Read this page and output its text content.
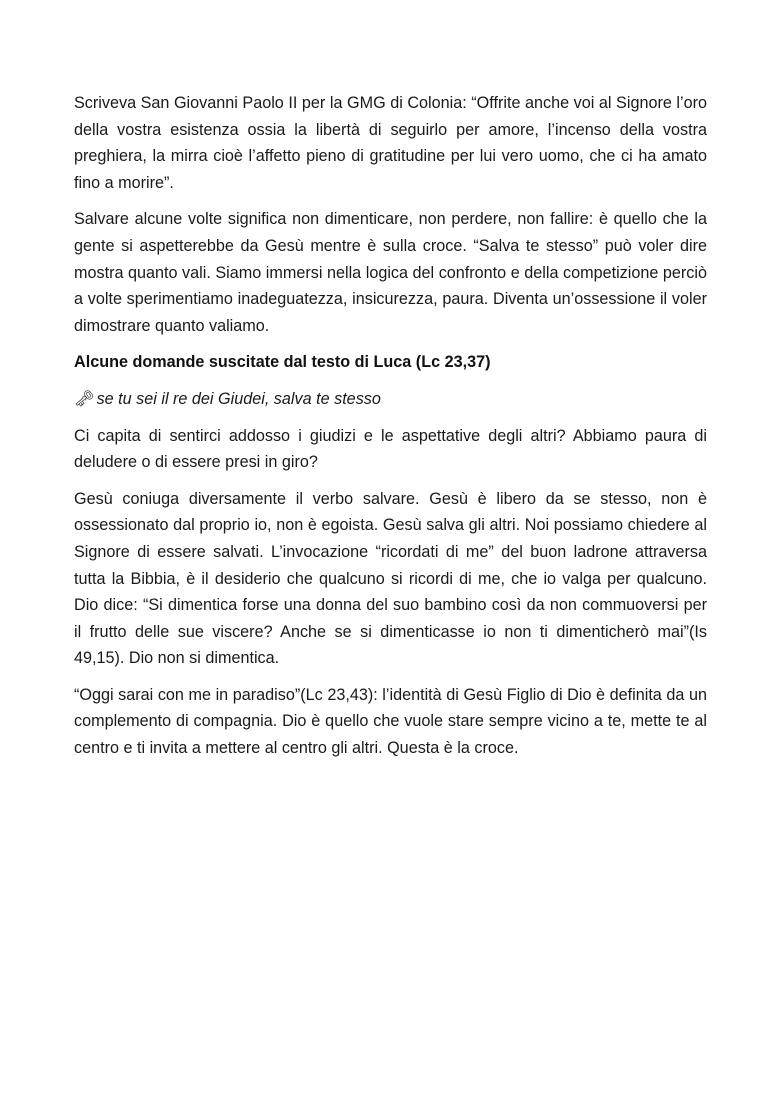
Scriveva San Giovanni Paolo II per la GMG di Colonia: “Offrite anche voi al Signore l’oro della vostra esistenza ossia la libertà di seguirlo per amore, l’incenso della vostra preghiera, la mirra cioè l’affetto pieno di gratitudine per lui vero uomo, che ci ha amato fino a morire”.

Salvare alcune volte significa non dimenticare, non perdere, non fallire: è quello che la gente si aspetterebbe da Gesù mentre è sulla croce. “Salva te stesso” può voler dire mostra quanto vali. Siamo immersi nella logica del confronto e della competizione perciò a volte sperimentiamo inadeguatezza, insicurezza, paura. Diventa un’ossessione il voler dimostrare quanto valiamo.

Alcune domande suscitate dal testo di Luca (Lc 23,37)

🗝 se tu sei il re dei Giudei, salva te stesso

Ci capita di sentirci addosso i giudizi e le aspettative degli altri? Abbiamo paura di deludere o di essere presi in giro?

Gesù coniuga diversamente il verbo salvare. Gesù è libero da se stesso, non è ossessionato dal proprio io, non è egoista. Gesù salva gli altri. Noi possiamo chiedere al Signore di essere salvati. L’invocazione “ricordati di me” del buon ladrone attraversa tutta la Bibbia, è il desiderio che qualcuno si ricordi di me, che io valga per qualcuno. Dio dice: “Si dimentica forse una donna del suo bambino così da non commuoversi per il frutto delle sue viscere? Anche se si dimenticasse io non ti dimenticherò mai”(Is 49,15). Dio non si dimentica.

“Oggi sarai con me in paradiso”(Lc 23,43): l’identità di Gesù Figlio di Dio è definita da un complemento di compagnia. Dio è quello che vuole stare sempre vicino a te, mette te al centro e ti invita a mettere al centro gli altri. Questa è la croce.
